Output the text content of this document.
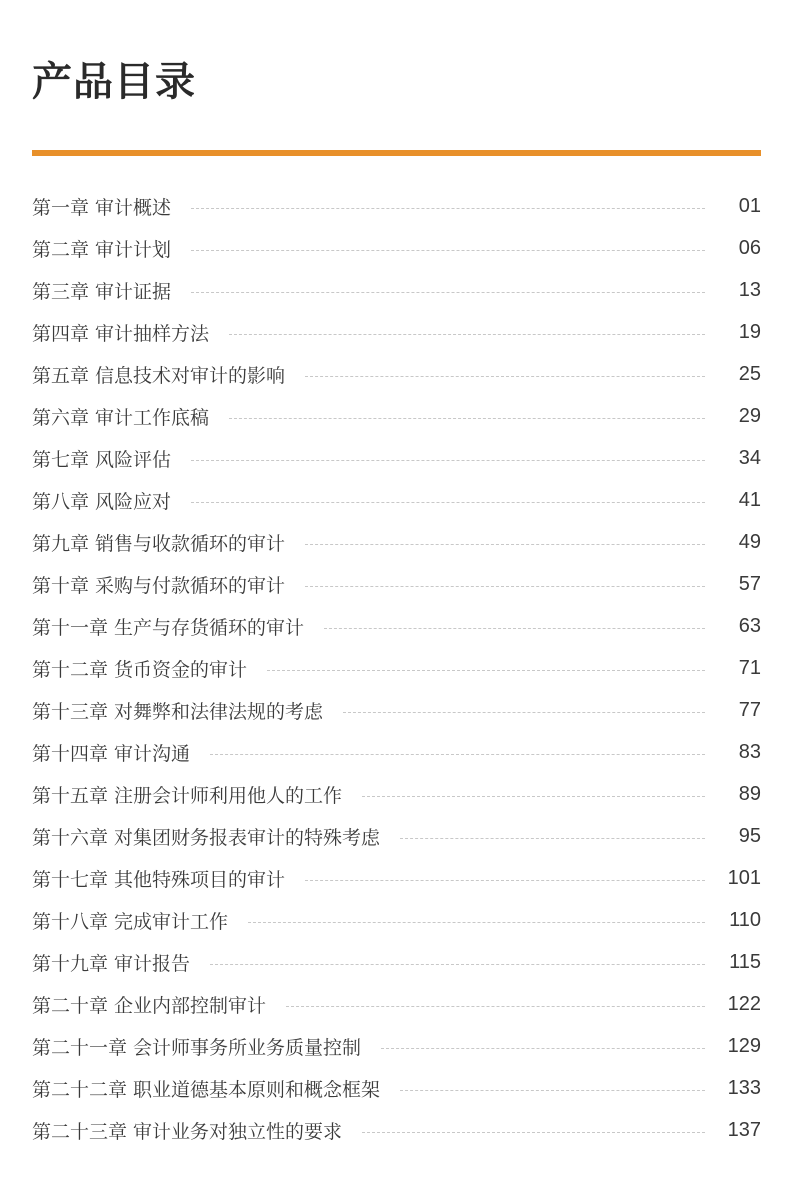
产品目录
第一章 审计概述	01
第二章 审计计划	06
第三章 审计证据	13
第四章 审计抽样方法	19
第五章 信息技术对审计的影响	25
第六章 审计工作底稿	29
第七章 风险评估	34
第八章 风险应对	41
第九章 销售与收款循环的审计	49
第十章 采购与付款循环的审计	57
第十一章 生产与存货循环的审计	63
第十二章 货币资金的审计	71
第十三章 对舞弊和法律法规的考虑	77
第十四章 审计沟通	83
第十五章 注册会计师利用他人的工作	89
第十六章 对集团财务报表审计的特殊考虑	95
第十七章 其他特殊项目的审计	101
第十八章 完成审计工作	110
第十九章 审计报告	115
第二十章 企业内部控制审计	122
第二十一章 会计师事务所业务质量控制	129
第二十二章 职业道德基本原则和概念框架	133
第二十三章 审计业务对独立性的要求	137
